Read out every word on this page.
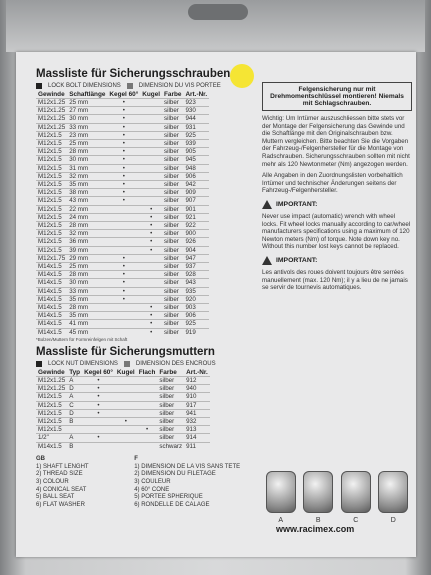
Massliste für Sicherungsschrauben
LOCK BOLT DIMENSIONS	DIMENSION DU VIS PORTEE
Gewinde	Schaftlänge	Kegel 60°	Kugel	Farbe	Art.-Nr.
M12x1.25	25 mm	•		silber	923
M12x1.25	27 mm	•		silber	930
M12x1.25	30 mm	•		silber	944
M12x1.25	33 mm	•		silber	931
M12x1.5	23 mm	•		silber	925
M12x1.5	25 mm	•		silber	939
M12x1.5	28 mm	•		silber	905
M12x1.5	30 mm	•		silber	945
M12x1.5	31 mm	•		silber	948
M12x1.5	32 mm	•		silber	906
M12x1.5	35 mm	•		silber	942
M12x1.5	38 mm	•		silber	909
M12x1.5	43 mm	•		silber	907
M12x1.5	22 mm		•	silber	901
M12x1.5	24 mm		•	silber	921
M12x1.5	28 mm		•	silber	922
M12x1.5	32 mm		•	silber	900
M12x1.5	36 mm		•	silber	926
M12x1.5	39 mm		•	silber	904
M12x1.75	29 mm	•		silber	947
M14x1.5	25 mm	•		silber	937
M14x1.5	28 mm	•		silber	928
M14x1.5	30 mm	•		silber	943
M14x1.5	33 mm	•		silber	935
M14x1.5	35 mm	•		silber	920
M14x1.5	28 mm		•	silber	903
M14x1.5	35 mm		•	silber	906
M14x1.5	41 mm		•	silber	925
M14x1.5	45 mm		•	silber	919
*Bolzen/Muttern für Formreinfelgen mit Schaft
Massliste für Sicherungsmuttern
LOCK NUT DIMENSIONS	DIMENSION DES ENCROUS
Gewinde	Typ	Kegel 60°	Kugel	Flach	Farbe	Art.-Nr.
M12x1.25	A	•			silber	912
M12x1.25	D	•			silber	940
M12x1.5	A	•			silber	910
M12x1.5	C	•			silber	917
M12x1.5	D	•			silber	941
M12x1.5	B		•		silber	932
M12x1.5				•	silber	913
1/2"	A	•			silber	914
M14x1.5	B				schwarz	911
GB
1) SHAFT LENGHT
2) THREAD SIZE
3) COLOUR
4) CONICAL SEAT
5) BALL SEAT
6) FLAT WASHER
F
1) DIMENSION DE LA VIS SANS TETE
2) DIMENSION DU FILETAGE
3) COULEUR
4) 60° CONE
5) PORTEE SPHERIQUE
6) RONDELLE DE CALAGE
Felgensicherung nur mit Drehmomentschlüssel montieren! Niemals mit Schlagschrauben.
Wichtig: Um Irrtümer auszuschliessen bitte stets vor der Montage der Felgensicherung das Gewinde und die Schaftlänge mit den Originalschrauben bzw. Muttern vergleichen. Bitte beachten Sie die Vorgaben der Fahrzeug-/Felgenhersteller für die Montage von Radschrauben. Sicherungsschrauben sollten mit nicht mehr als 120 Newtonmeter (Nm) angezogen werden.
Alle Angaben in den Zuordnungslisten vorbehaltlich Irrtümer und technischer Änderungen seitens der Fahrzeug-/Felgenhersteller.
IMPORTANT:
Never use impact (automatic) wrench with wheel locks. Fit wheel locks manually according to car/wheel manufacturers specifications using a maximum of 120 Newton meters (Nm) of torque. Note down key no. Without this number lost keys cannot be replaced.
IMPORTANT:
Les antivols des roues doivent toujours être serrées manuellement (max. 120 Nm); il y a lieu de ne jamais se servir de tournevis automatiques.
A	B	C	D
www.racimex.com
